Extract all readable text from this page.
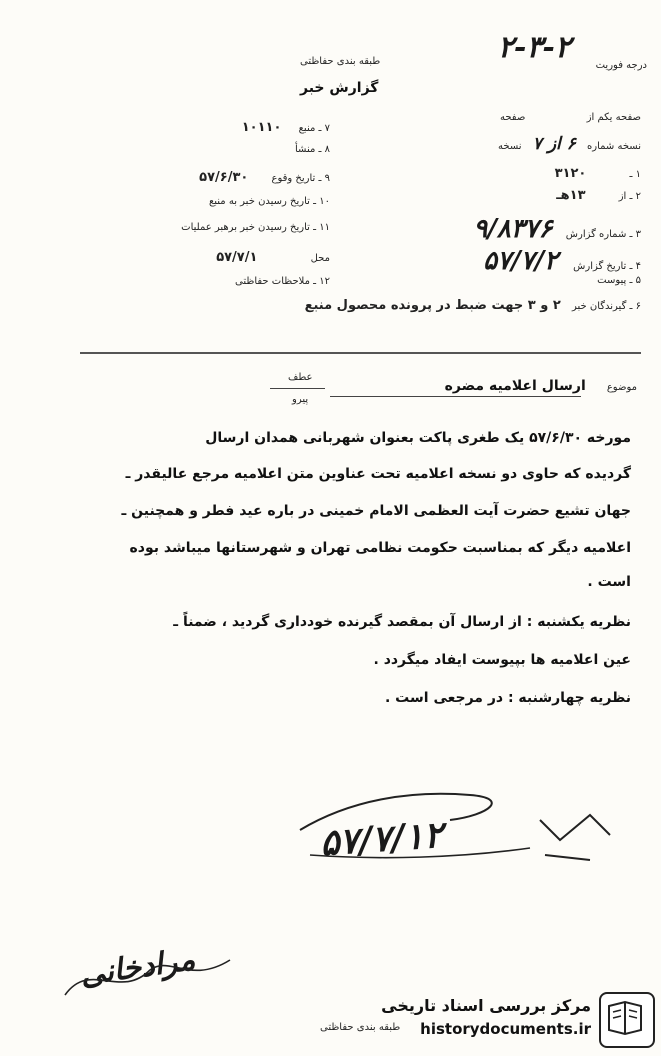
درجه فوریت
۲-۳-۲
طبقه بندی حفاظتی
گزارش خبر
صفحه یکم از  صفحه
نسخه شماره ۶ از ۷ نسخه
۱ ـ ۳۱۲۰
۲ ـ از ۱۳هـ
۳ ـ شماره گزارش ۹/۸۳۷۶
۴ ـ تاریخ گزارش ۵۷/۷/۲
۵ ـ پیوست
۶ ـ گیرندگان خبر ۲ و ۳ جهت ضبط در پرونده محصول منبع
۷ ـ منبع ۱۰۱۱۰
۸ ـ منشأ
۹ ـ تاریخ وقوع ۵۷/۶/۳۰
۱۰ ـ تاریخ رسیدن خبر به منبع
۱۱ ـ تاریخ رسیدن خبر برهبر عملیات
محل ۵۷/۷/۱
۱۲ ـ ملاحظات حفاظتی
عطف
پیرو
موضوع ارسال اعلامیه مضره
مورخه ۵۷/۶/۳۰ یک طغری پاکت بعنوان شهربانی همدان ارسال
گردیده که حاوی دو نسخه اعلامیه تحت عناوین متن اعلامیه مرجع عالیقدر ـ
جهان تشیع حضرت آیت العظمی الامام خمینی در باره عید فطر و همچنین ـ
اعلامیه دیگر که بمناسبت حکومت نظامی تهران و شهرستانها میباشد بوده
است .
نظریه یکشنبه : از ارسال آن بمقصد گیرنده خودداری گردید ، ضمناً ـ
عین اعلامیه ها بپیوست ایفاد میگردد .
نظریه چهارشنبه : در مرجعی است .
۵۷/۷/۱۲
مرادخانی
طبقه بندی حفاظتی
مرکز بررسی اسناد تاریخی
historydocuments.ir
